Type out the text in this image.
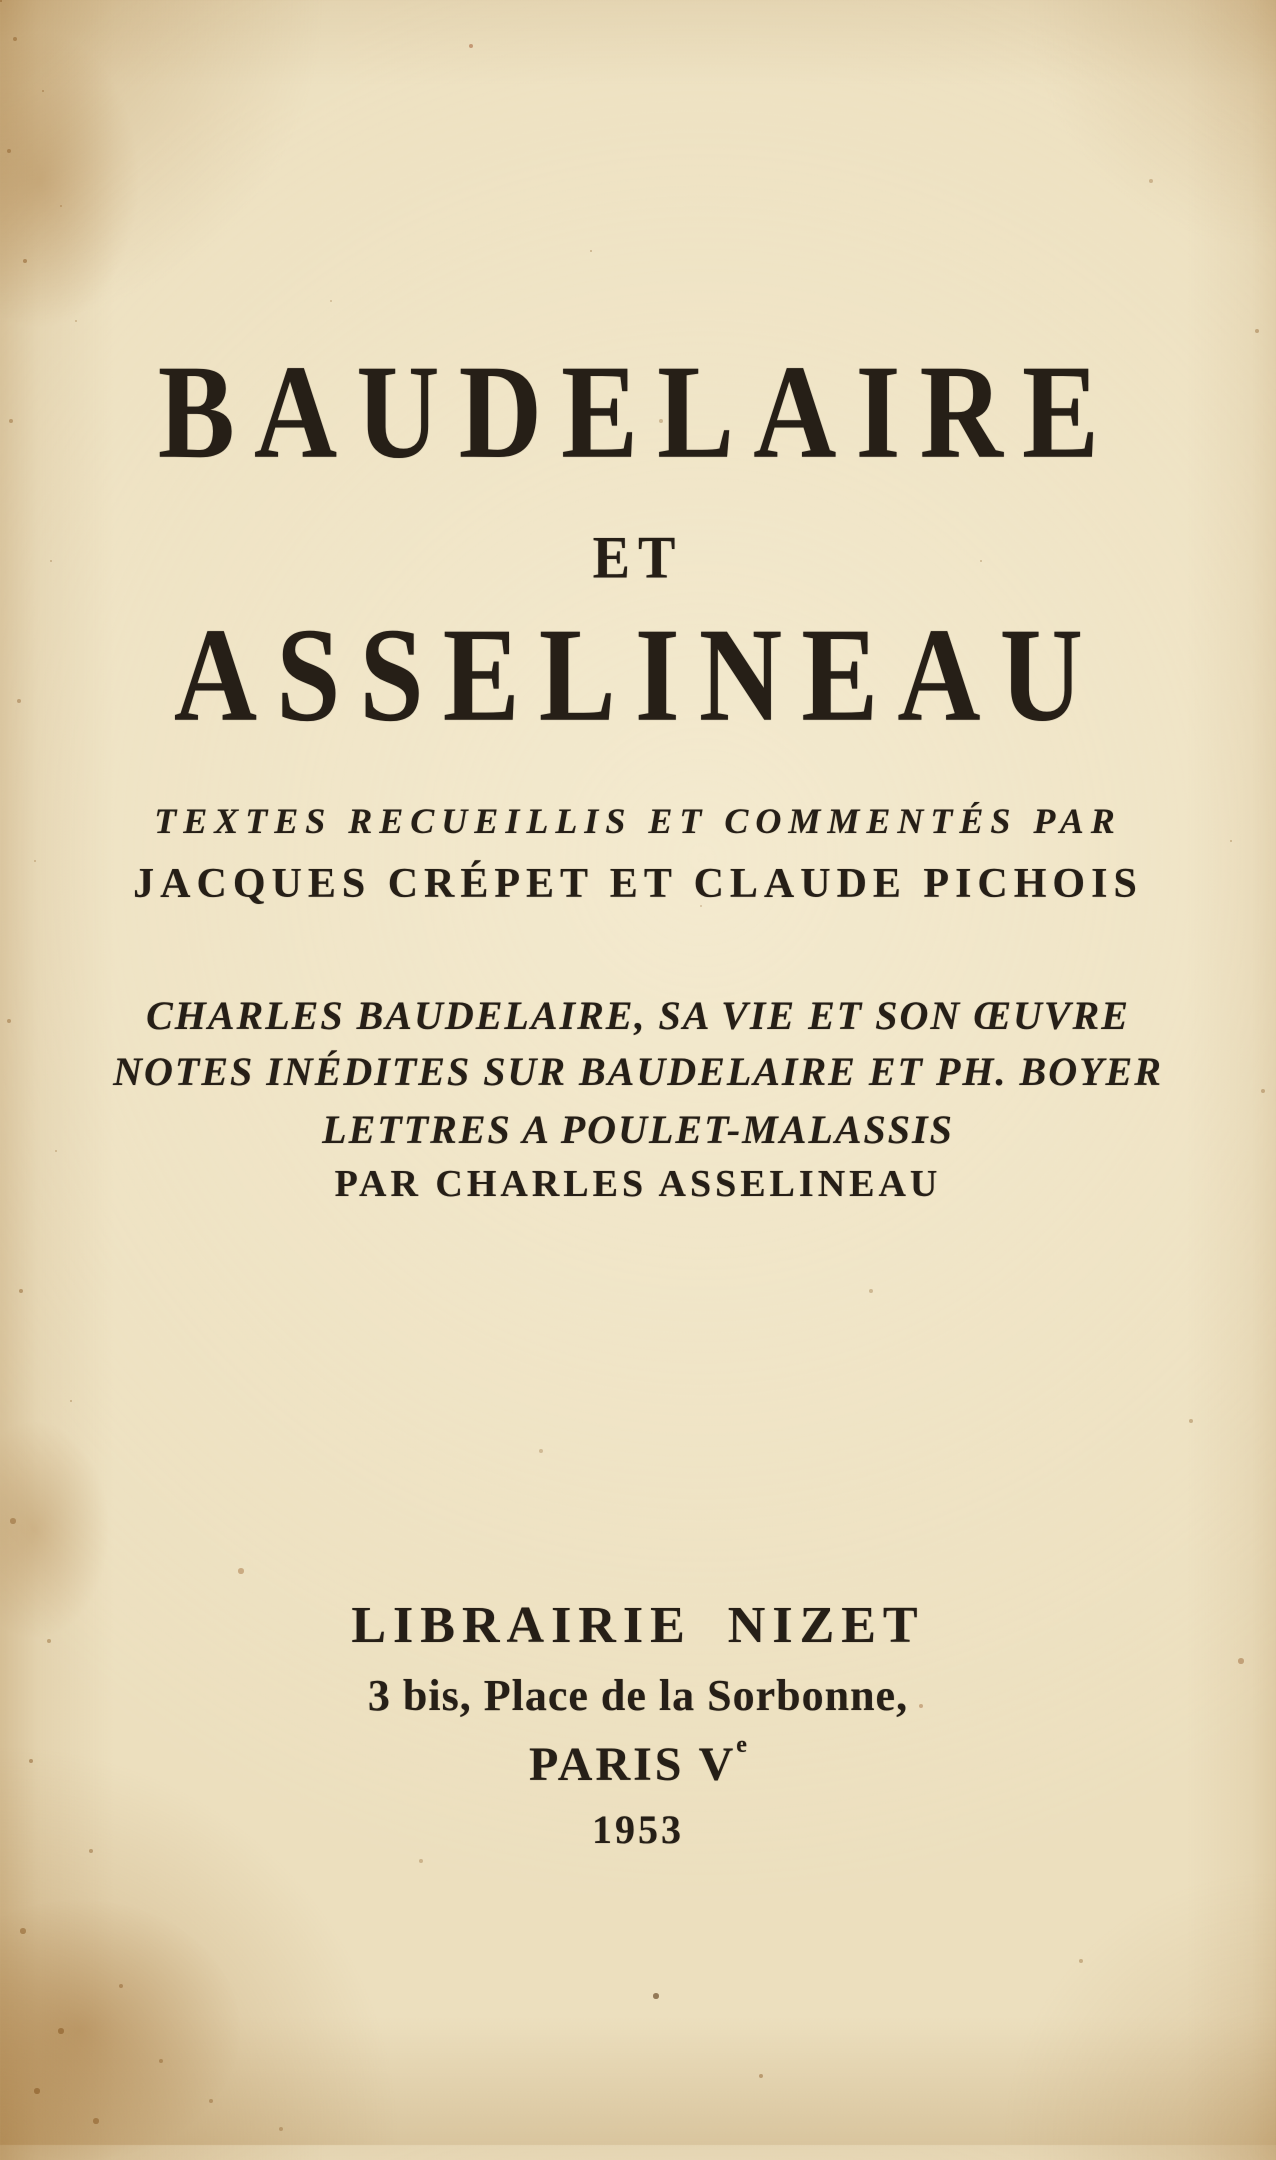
BAUDELAIRE
ET
ASSELINEAU
TEXTES RECUEILLIS ET COMMENTÉS PAR
JACQUES CRÉPET ET CLAUDE PICHOIS
CHARLES BAUDELAIRE, SA VIE ET SON ŒUVRE
NOTES INÉDITES SUR BAUDELAIRE ET PH. BOYER
LETTRES A POULET-MALASSIS
PAR CHARLES ASSELINEAU
LIBRAIRIE NIZET
3 bis, Place de la Sorbonne,
PARIS Ve
1953
